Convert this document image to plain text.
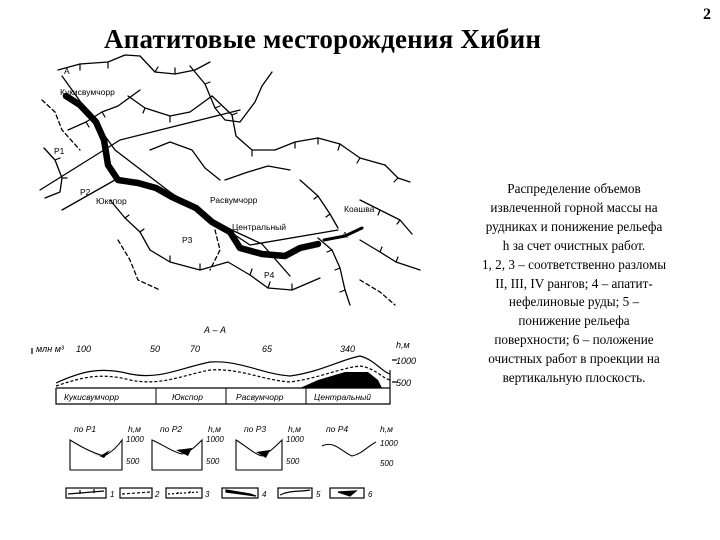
2
Апатитовые месторождения Хибин
A
Кукисвумчорр
Р1
Р2
Юкспор	Расвумчорр
Центральный
Коашва
A
Р3
Р4
А – А
млн м³ 100	50	70	65	340	h,м
1000
500
Кукисвумчорр	Юкспор	Расвумчорр	Центральный
по Р1	h,м
1000
500
по Р2	h,м
1000
500
по Р3	h,м
1000
500
по Р4	h,м
1000
500
1	2	3	4	5	6
Распределение объемов
извлеченной горной массы на
рудниках и понижение рельефа
h за счет очистных работ.
1, 2, 3 – соответственно разломы
II, III, IV рангов; 4 – апатит-
нефелиновые руды; 5 –
понижение рельефа
поверхности; 6 – положение
очистных работ в проекции на
вертикальную плоскость.
